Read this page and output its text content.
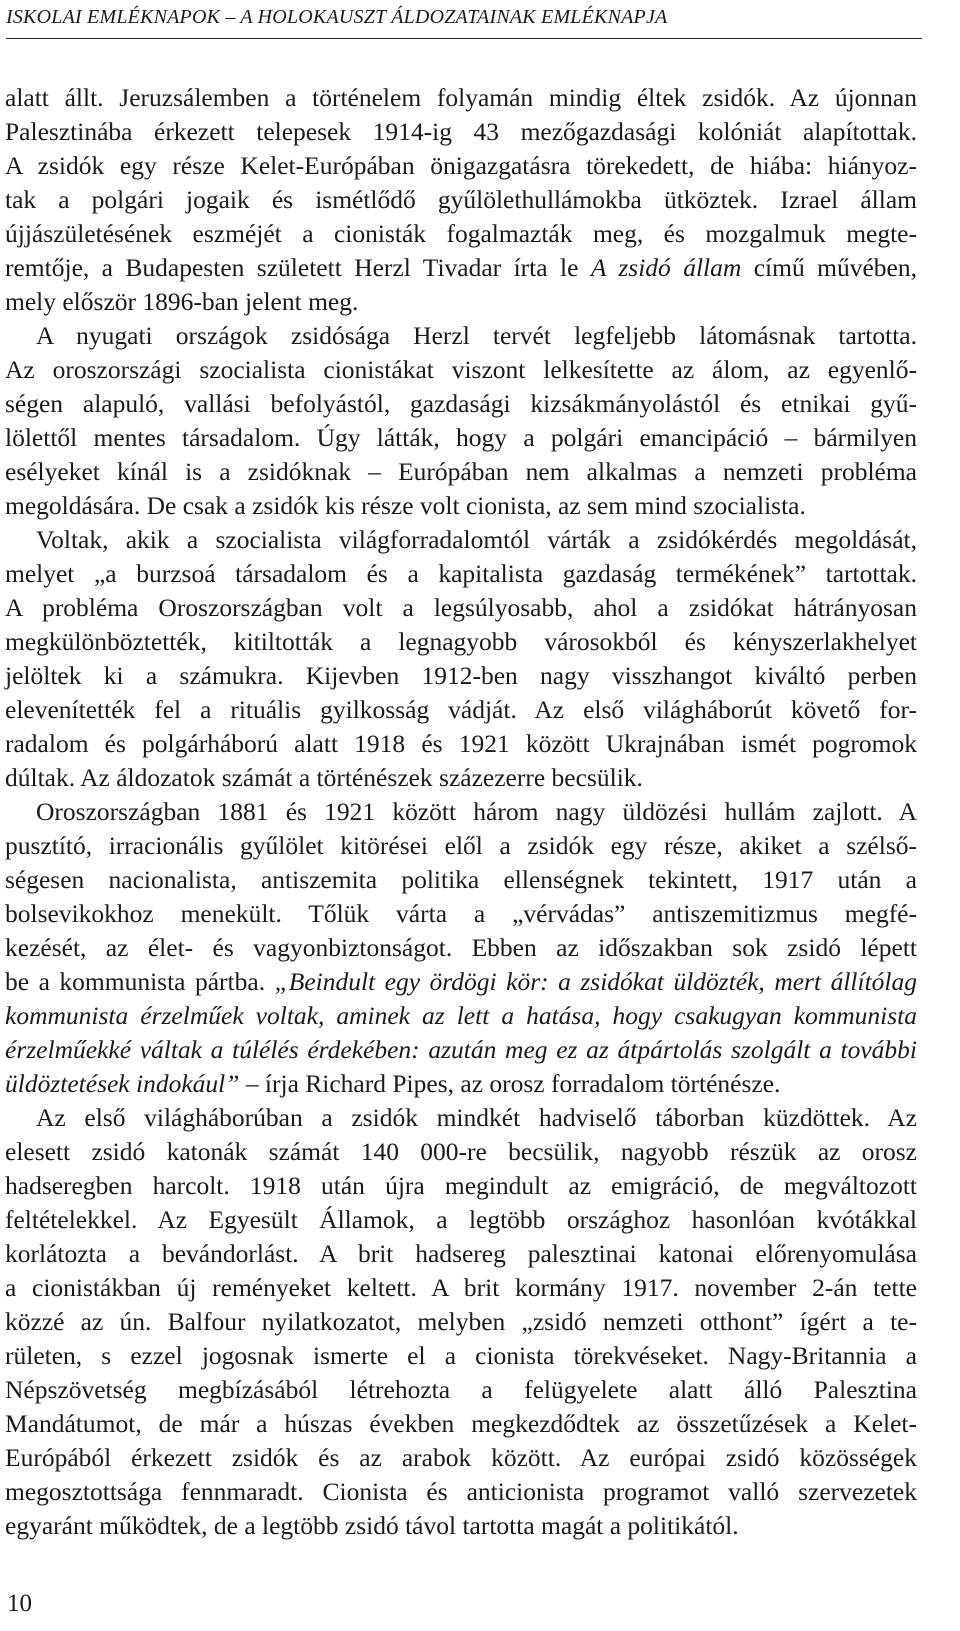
ISKOLAI EMLÉKNAPOK – A HOLOKAUSZT ÁLDOZATAINAK EMLÉKNAPJA
alatt állt. Jeruzsálemben a történelem folyamán mindig éltek zsidók. Az újonnan
Palesztinába érkezett telepesek 1914-ig 43 mezőgazdasági kolóniát alapítottak.
A zsidók egy része Kelet-Európában önigazgatásra törekedett, de hiába: hiányoz-
tak a polgári jogaik és ismétlődő gyűlölethullámokba ütköztek. Izrael állam
újjászületésének eszméjét a cionisták fogalmazták meg, és mozgalmuk megte-
remtője, a Budapesten született Herzl Tivadar írta le A zsidó állam című művében,
mely először 1896-ban jelent meg.
A nyugati országok zsidósága Herzl tervét legfeljebb látomásnak tartotta.
Az oroszországi szocialista cionistákat viszont lelkesítette az álom, az egyenlő-
ségen alapuló, vallási befolyástól, gazdasági kizsákmányolástól és etnikai gyű-
lölettől mentes társadalom. Úgy látták, hogy a polgári emancipáció – bármilyen
esélyeket kínál is a zsidóknak – Európában nem alkalmas a nemzeti probléma
megoldására. De csak a zsidók kis része volt cionista, az sem mind szocialista.
Voltak, akik a szocialista világforradalomtól várták a zsidókérdés megoldását,
melyet „a burzsoá társadalom és a kapitalista gazdaság termékének” tartottak.
A probléma Oroszországban volt a legsúlyosabb, ahol a zsidókat hátrányosan
megkülönböztették, kitiltották a legnagyobb városokból és kényszerlakhelyet
jelöltek ki a számukra. Kijevben 1912-ben nagy visszhangot kiváltó perben
elevenítették fel a rituális gyilkosság vádját. Az első világháborút követő for-
radalom és polgárháború alatt 1918 és 1921 között Ukrajnában ismét pogromok
dúltak. Az áldozatok számát a történészek százezerre becsülik.
Oroszországban 1881 és 1921 között három nagy üldözési hullám zajlott. A
pusztító, irracionális gyűlölet kitörései elől a zsidók egy része, akiket a szélső-
ségesen nacionalista, antiszemita politika ellenségnek tekintett, 1917 után a
bolsevikokhoz menekült. Tőlük várta a „vérvádas” antiszemitizmus megfé-
kezését, az élet- és vagyonbiztonságot. Ebben az időszakban sok zsidó lépett
be a kommunista pártba. „Beindult egy ördögi kör: a zsidókat üldözték, mert állítólag
kommunista érzelműek voltak, aminek az lett a hatása, hogy csakugyan kommunista
érzelműekké váltak a túlélés érdekében: azután meg ez az átpártolás szolgált a további
üldöztetések indokául” – írja Richard Pipes, az orosz forradalom történésze.
Az első világháborúban a zsidók mindkét hadviselő táborban küzdöttek. Az
elesett zsidó katonák számát 140 000-re becsülik, nagyobb részük az orosz
hadseregben harcolt. 1918 után újra megindult az emigráció, de megváltozott
feltételekkel. Az Egyesült Államok, a legtöbb országhoz hasonlóan kvótákkal
korlátozta a bevándorlást. A brit hadsereg palesztinai katonai előrenyomulása
a cionistákban új reményeket keltett. A brit kormány 1917. november 2-án tette
közzé az ún. Balfour nyilatkozatot, melyben „zsidó nemzeti otthont” ígért a te-
rületen, s ezzel jogosnak ismerte el a cionista törekvéseket. Nagy-Britannia a
Népszövetség megbízásából létrehozta a felügyelete alatt álló Palesztina
Mandátumot, de már a húszas években megkezdődtek az összetűzések a Kelet-
Európából érkezett zsidók és az arabok között. Az európai zsidó közösségek
megosztottsága fennmaradt. Cionista és anticionista programot valló szervezetek
egyaránt működtek, de a legtöbb zsidó távol tartotta magát a politikától.
10
